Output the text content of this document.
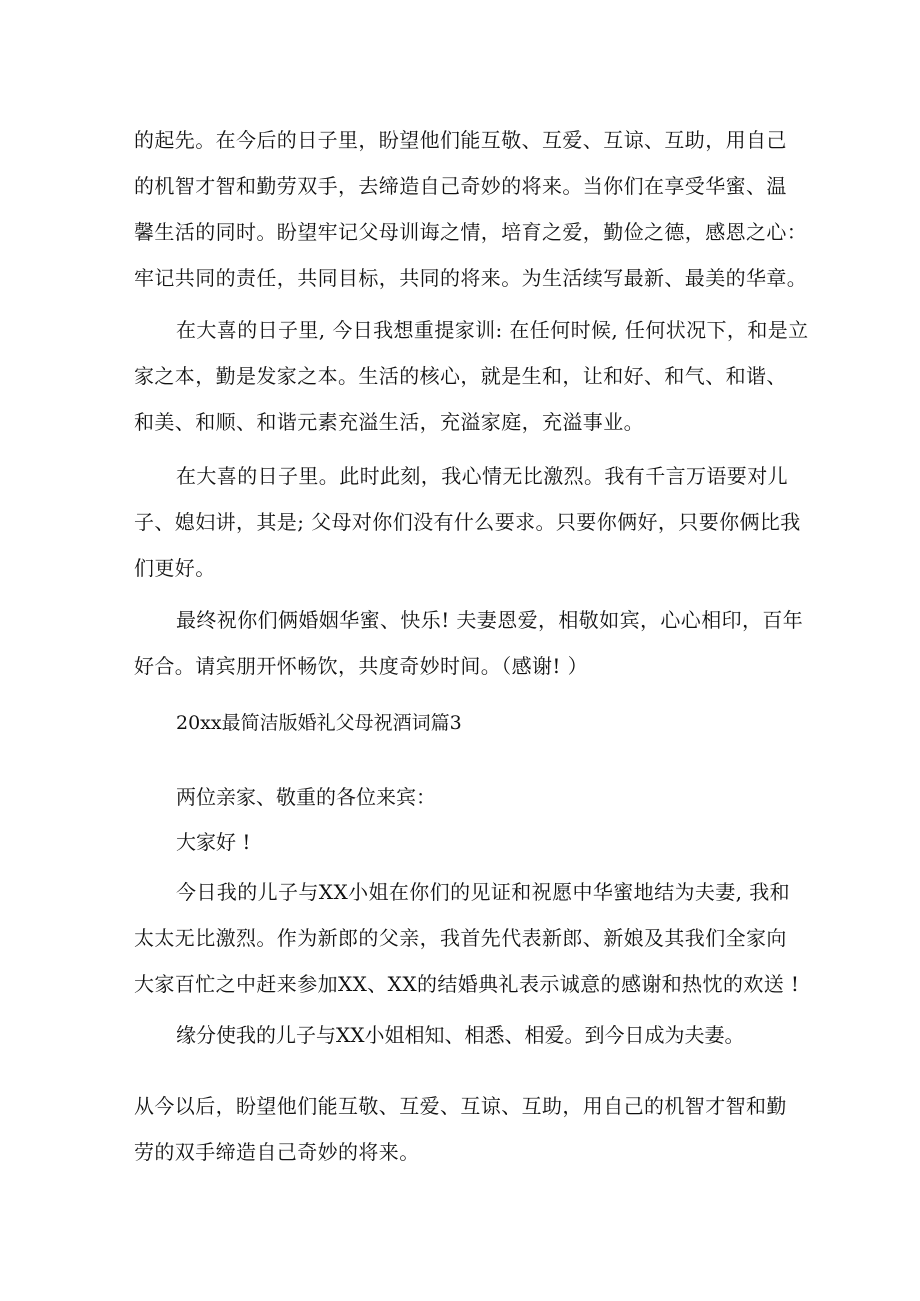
的起先。在今后的日子里，盼望他们能互敬、互爱、互谅、互助，用自己
的机智才智和勤劳双手，去缔造自己奇妙的将来。当你们在享受华蜜、温
馨生活的同时。盼望牢记父母训诲之情，培育之爱，勤俭之德，感恩之心：
牢记共同的责任，共同目标，共同的将来。为生活续写最新、最美的华章。
在大喜的日子里, 今日我想重提家训: 在任何时候, 任何状况下，和是立
家之本，勤是发家之本。生活的核心，就是生和，让和好、和气、和谐、
和美、和顺、和谐元素充溢生活，充溢家庭，充溢事业。
在大喜的日子里。此时此刻，我心情无比激烈。我有千言万语要对儿
子、媳妇讲，其是; 父母对你们没有什么要求。只要你俩好，只要你俩比我
们更好。
最终祝你们俩婚姻华蜜、快乐! 夫妻恩爱，相敬如宾，心心相印，百年
好合。请宾朋开怀畅饮，共度奇妙时间。（感谢! ）

20xx最简洁版婚礼父母祝酒词篇3

两位亲家、敬重的各位来宾：

大家好 !

今日我的儿子与XX小姐在你们的见证和祝愿中华蜜地结为夫妻, 我和
太太无比激烈。作为新郎的父亲，我首先代表新郎、新娘及其我们全家向
大家百忙之中赶来参加XX、XX的结婚典礼表示诚意的感谢和热忱的欢送 !

缘分使我的儿子与XX小姐相知、相悉、相爱。到今日成为夫妻。

从今以后，盼望他们能互敬、互爱、互谅、互助，用自己的机智才智和勤
劳的双手缔造自己奇妙的将来。
